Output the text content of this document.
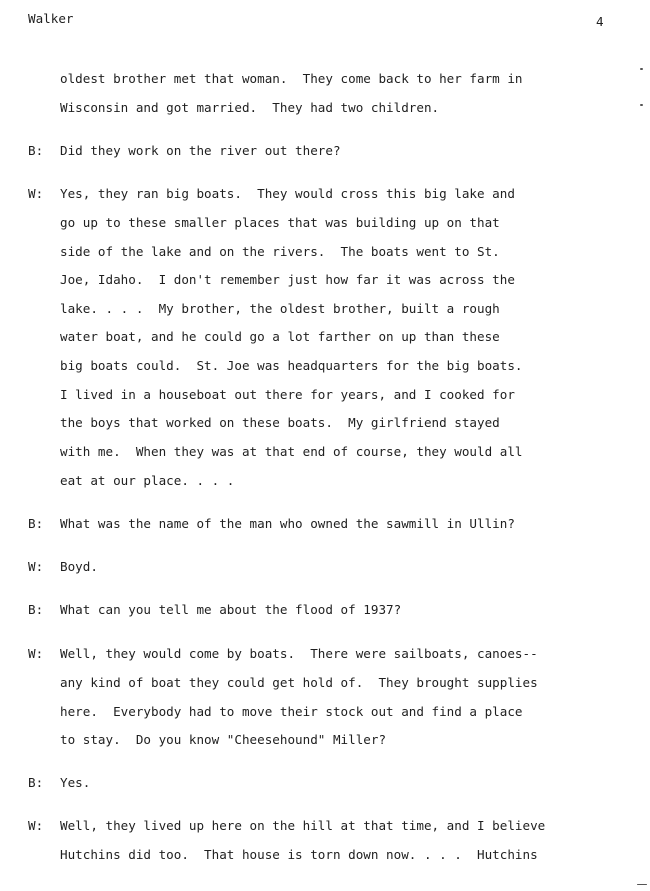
Walker	4
oldest brother met that woman.  They come back to her farm in
Wisconsin and got married.  They had two children.
B: Did they work on the river out there?
W: Yes, they ran big boats.  They would cross this big lake and
go up to these smaller places that was building up on that
side of the lake and on the rivers.  The boats went to St.
Joe, Idaho.  I don't remember just how far it was across the
lake. . . .  My brother, the oldest brother, built a rough
water boat, and he could go a lot farther on up than these
big boats could.  St. Joe was headquarters for the big boats.
I lived in a houseboat out there for years, and I cooked for
the boys that worked on these boats.  My girlfriend stayed
with me.  When they was at that end of course, they would all
eat at our place. . . .
B: What was the name of the man who owned the sawmill in Ullin?
W: Boyd.
B: What can you tell me about the flood of 1937?
W: Well, they would come by boats.  There were sailboats, canoes--
any kind of boat they could get hold of.  They brought supplies
here.  Everybody had to move their stock out and find a place
to stay.  Do you know "Cheesehound" Miller?
B: Yes.
W: Well, they lived up here on the hill at that time, and I believe
Hutchins did too.  That house is torn down now. . . .  Hutchins
